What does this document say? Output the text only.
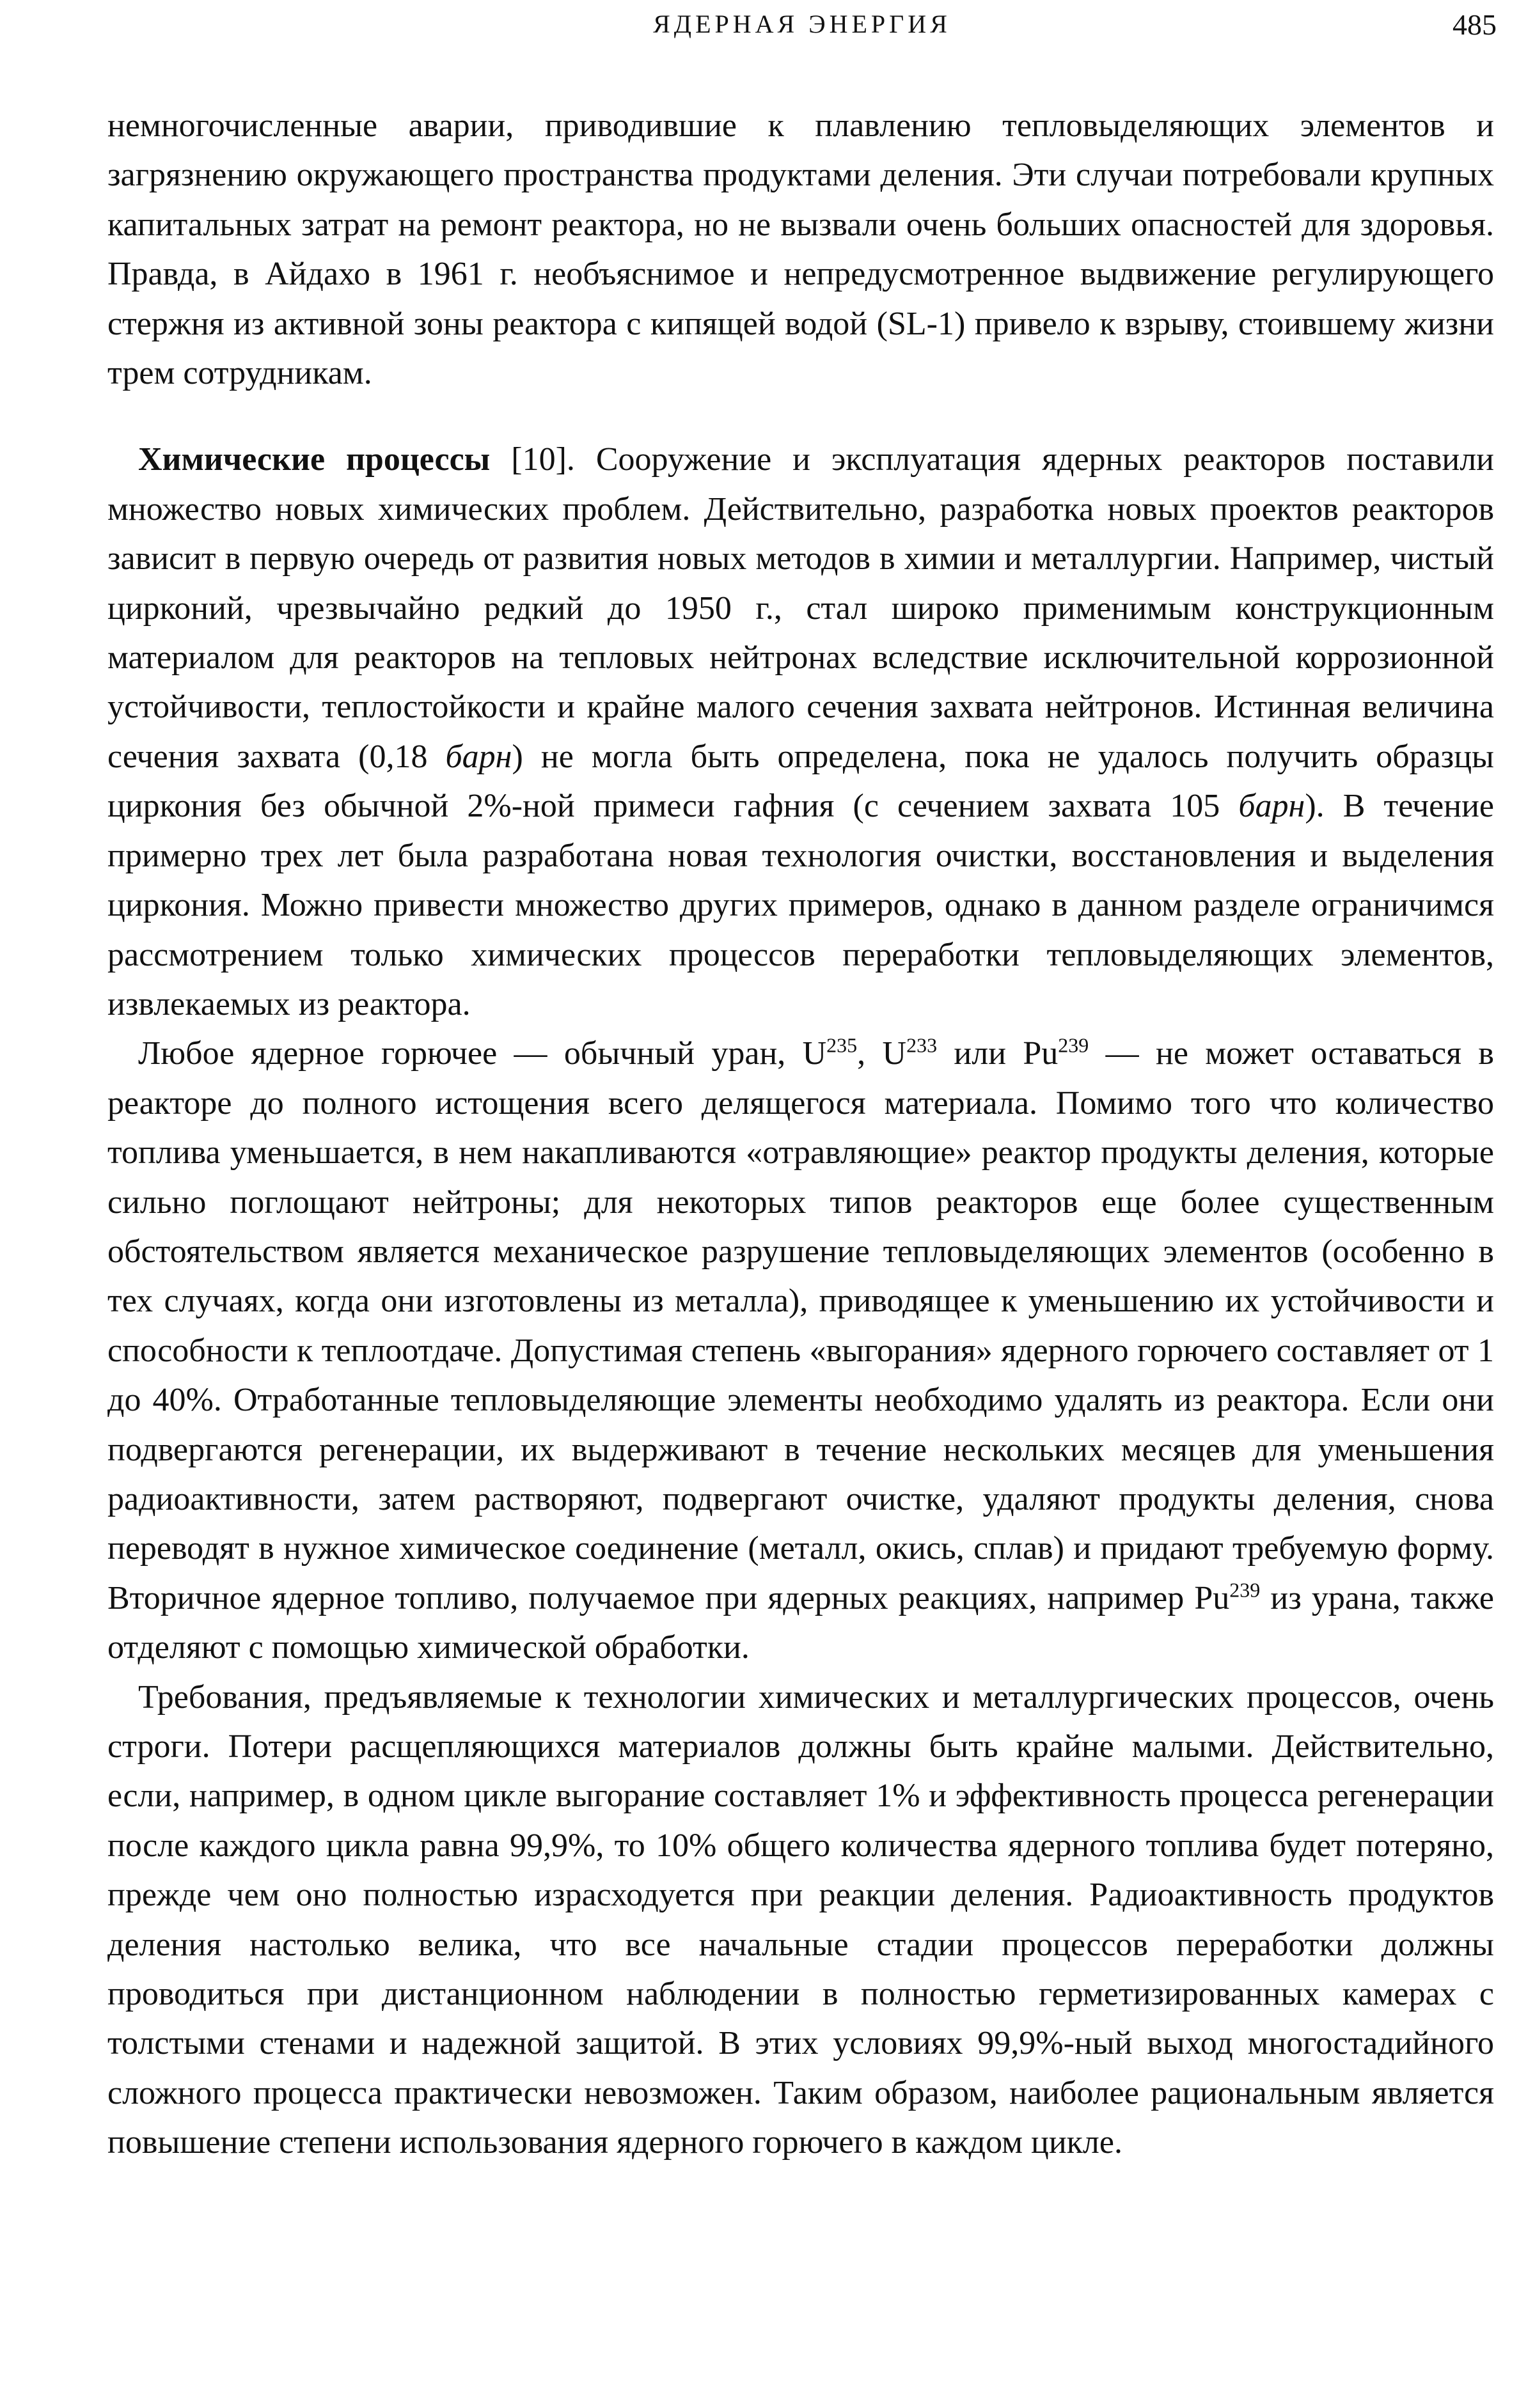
ЯДЕРНАЯ ЭНЕРГИЯ	485

немногочисленные аварии, приводившие к плавлению тепловыделяющих элементов и загрязнению окружающего пространства продуктами деления. Эти случаи потребовали крупных капитальных затрат на ремонт реактора, но не вызвали очень больших опасностей для здоровья. Правда, в Айдахо в 1961 г. необъяснимое и непредусмотренное выдвижение регулирующего стержня из активной зоны реактора с кипящей водой (SL-1) привело к взрыву, стоившему жизни трем сотрудникам.

Химические процессы [10]. Сооружение и эксплуатация ядерных реакторов поставили множество новых химических проблем. Действительно, разработка новых проектов реакторов зависит в первую очередь от развития новых методов в химии и металлургии. Например, чистый цирконий, чрезвычайно редкий до 1950 г., стал широко применимым конструкционным материалом для реакторов на тепловых нейтронах вследствие исключительной коррозионной устойчивости, теплостойкости и крайне малого сечения захвата нейтронов. Истинная величина сечения захвата (0,18 барн) не могла быть определена, пока не удалось получить образцы циркония без обычной 2%-ной примеси гафния (с сечением захвата 105 барн). В течение примерно трех лет была разработана новая технология очистки, восстановления и выделения циркония. Можно привести множество других примеров, однако в данном разделе ограничимся рассмотрением только химических процессов переработки тепловыделяющих элементов, извлекаемых из реактора.

Любое ядерное горючее — обычный уран, $U^{235}$, $U^{233}$ или Pu$^{239}$ — не может оставаться в реакторе до полного истощения всего делящегося материала. Помимо того что количество топлива уменьшается, в нем накапливаются «отравляющие» реактор продукты деления, которые сильно поглощают нейтроны; для некоторых типов реакторов еще более существенным обстоятельством является механическое разрушение тепловыделяющих элементов (особенно в тех случаях, когда они изготовлены из металла), приводящее к уменьшению их устойчивости и способности к теплоотдаче. Допустимая степень «выгорания» ядерного горючего составляет от 1 до 40%. Отработанные тепловыделяющие элементы необходимо удалять из реактора. Если они подвергаются регенерации, их выдерживают в течение нескольких месяцев для уменьшения радиоактивности, затем растворяют, подвергают очистке, удаляют продукты деления, снова переводят в нужное химическое соединение (металл, окись, сплав) и придают требуемую форму. Вторичное ядерное топливо, получаемое при ядерных реакциях, например Pu$^{239}$ из урана, также отделяют с помощью химической обработки.

Требования, предъявляемые к технологии химических и металлургических процессов, очень строги. Потери расщепляющихся материалов должны быть крайне малыми. Действительно, если, например, в одном цикле выгорание составляет 1% и эффективность процесса регенерации после каждого цикла равна 99,9%, то 10% общего количества ядерного топлива будет потеряно, прежде чем оно полностью израсходуется при реакции деления. Радиоактивность продуктов деления настолько велика, что все начальные стадии процессов переработки должны проводиться при дистанционном наблюдении в полностью герметизированных камерах с толстыми стенами и надежной защитой. В этих условиях 99,9%-ный выход многостадийного сложного процесса практически невозможен. Таким образом, наиболее рациональным является повышение степени использования ядерного горючего в каждом цикле.
